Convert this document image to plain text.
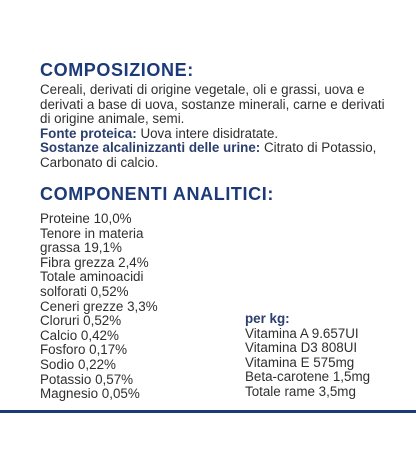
COMPOSIZIONE:

Cereali, derivati di origine vegetale, oli e grassi, uova e derivati a base di uova, sostanze minerali, carne e derivati di origine animale, semi.
Fonte proteica: Uova intere disidratate.
Sostanze alcalinizzanti delle urine: Citrato di Potassio, Carbonato di calcio.

COMPONENTI ANALITICI:
Proteine 10,0%
Tenore in materia
grassa 19,1%
Fibra grezza 2,4%
Totale aminoacidi
solforati 0,52%
Ceneri grezze 3,3%
Cloruri 0,52%
Calcio 0,42%
Fosforo 0,17%
Sodio 0,22%
Potassio 0,57%
Magnesio 0,05%
per kg:
Vitamina A 9.657UI
Vitamina D3 808UI
Vitamina E 575mg
Beta-carotene 1,5mg
Totale rame 3,5mg
